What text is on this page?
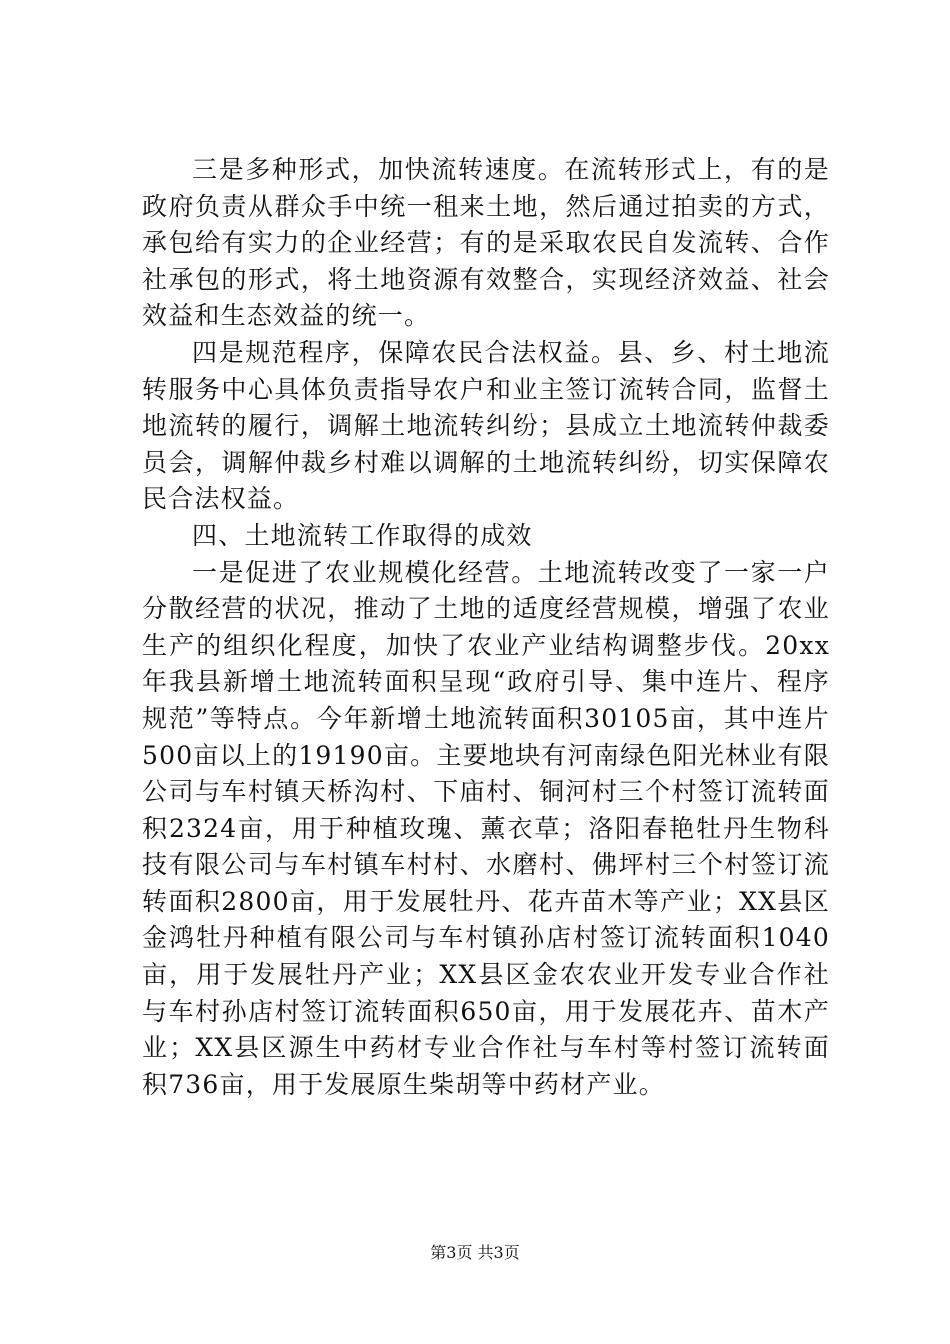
三是多种形式，加快流转速度。在流转形式上，有的是政府负责从群众手中统一租来土地，然后通过拍卖的方式，承包给有实力的企业经营；有的是采取农民自发流转、合作社承包的形式，将土地资源有效整合，实现经济效益、社会效益和生态效益的统一。

四是规范程序，保障农民合法权益。县、乡、村土地流转服务中心具体负责指导农户和业主签订流转合同，监督土地流转的履行，调解土地流转纠纷；县成立土地流转仲裁委员会，调解仲裁乡村难以调解的土地流转纠纷，切实保障农民合法权益。

四、土地流转工作取得的成效

一是促进了农业规模化经营。土地流转改变了一家一户分散经营的状况，推动了土地的适度经营规模，增强了农业生产的组织化程度，加快了农业产业结构调整步伐。20xx年我县新增土地流转面积呈现“政府引导、集中连片、程序规范”等特点。今年新增土地流转面积30105亩，其中连片500亩以上的19190亩。主要地块有河南绿色阳光林业有限公司与车村镇天桥沟村、下庙村、铜河村三个村签订流转面积2324亩，用于种植玫瑰、薰衣草；洛阳春艳牡丹生物科技有限公司与车村镇车村村、水磨村、佛坪村三个村签订流转面积2800亩，用于发展牡丹、花卉苗木等产业；XX县区金鸿牡丹种植有限公司与车村镇孙店村签订流转面积1040亩，用于发展牡丹产业；XX县区金农农业开发专业合作社与车村孙店村签订流转面积650亩，用于发展花卉、苗木产业；XX县区源生中药材专业合作社与车村等村签订流转面积736亩，用于发展原生柴胡等中药材产业。

第3页 共3页
